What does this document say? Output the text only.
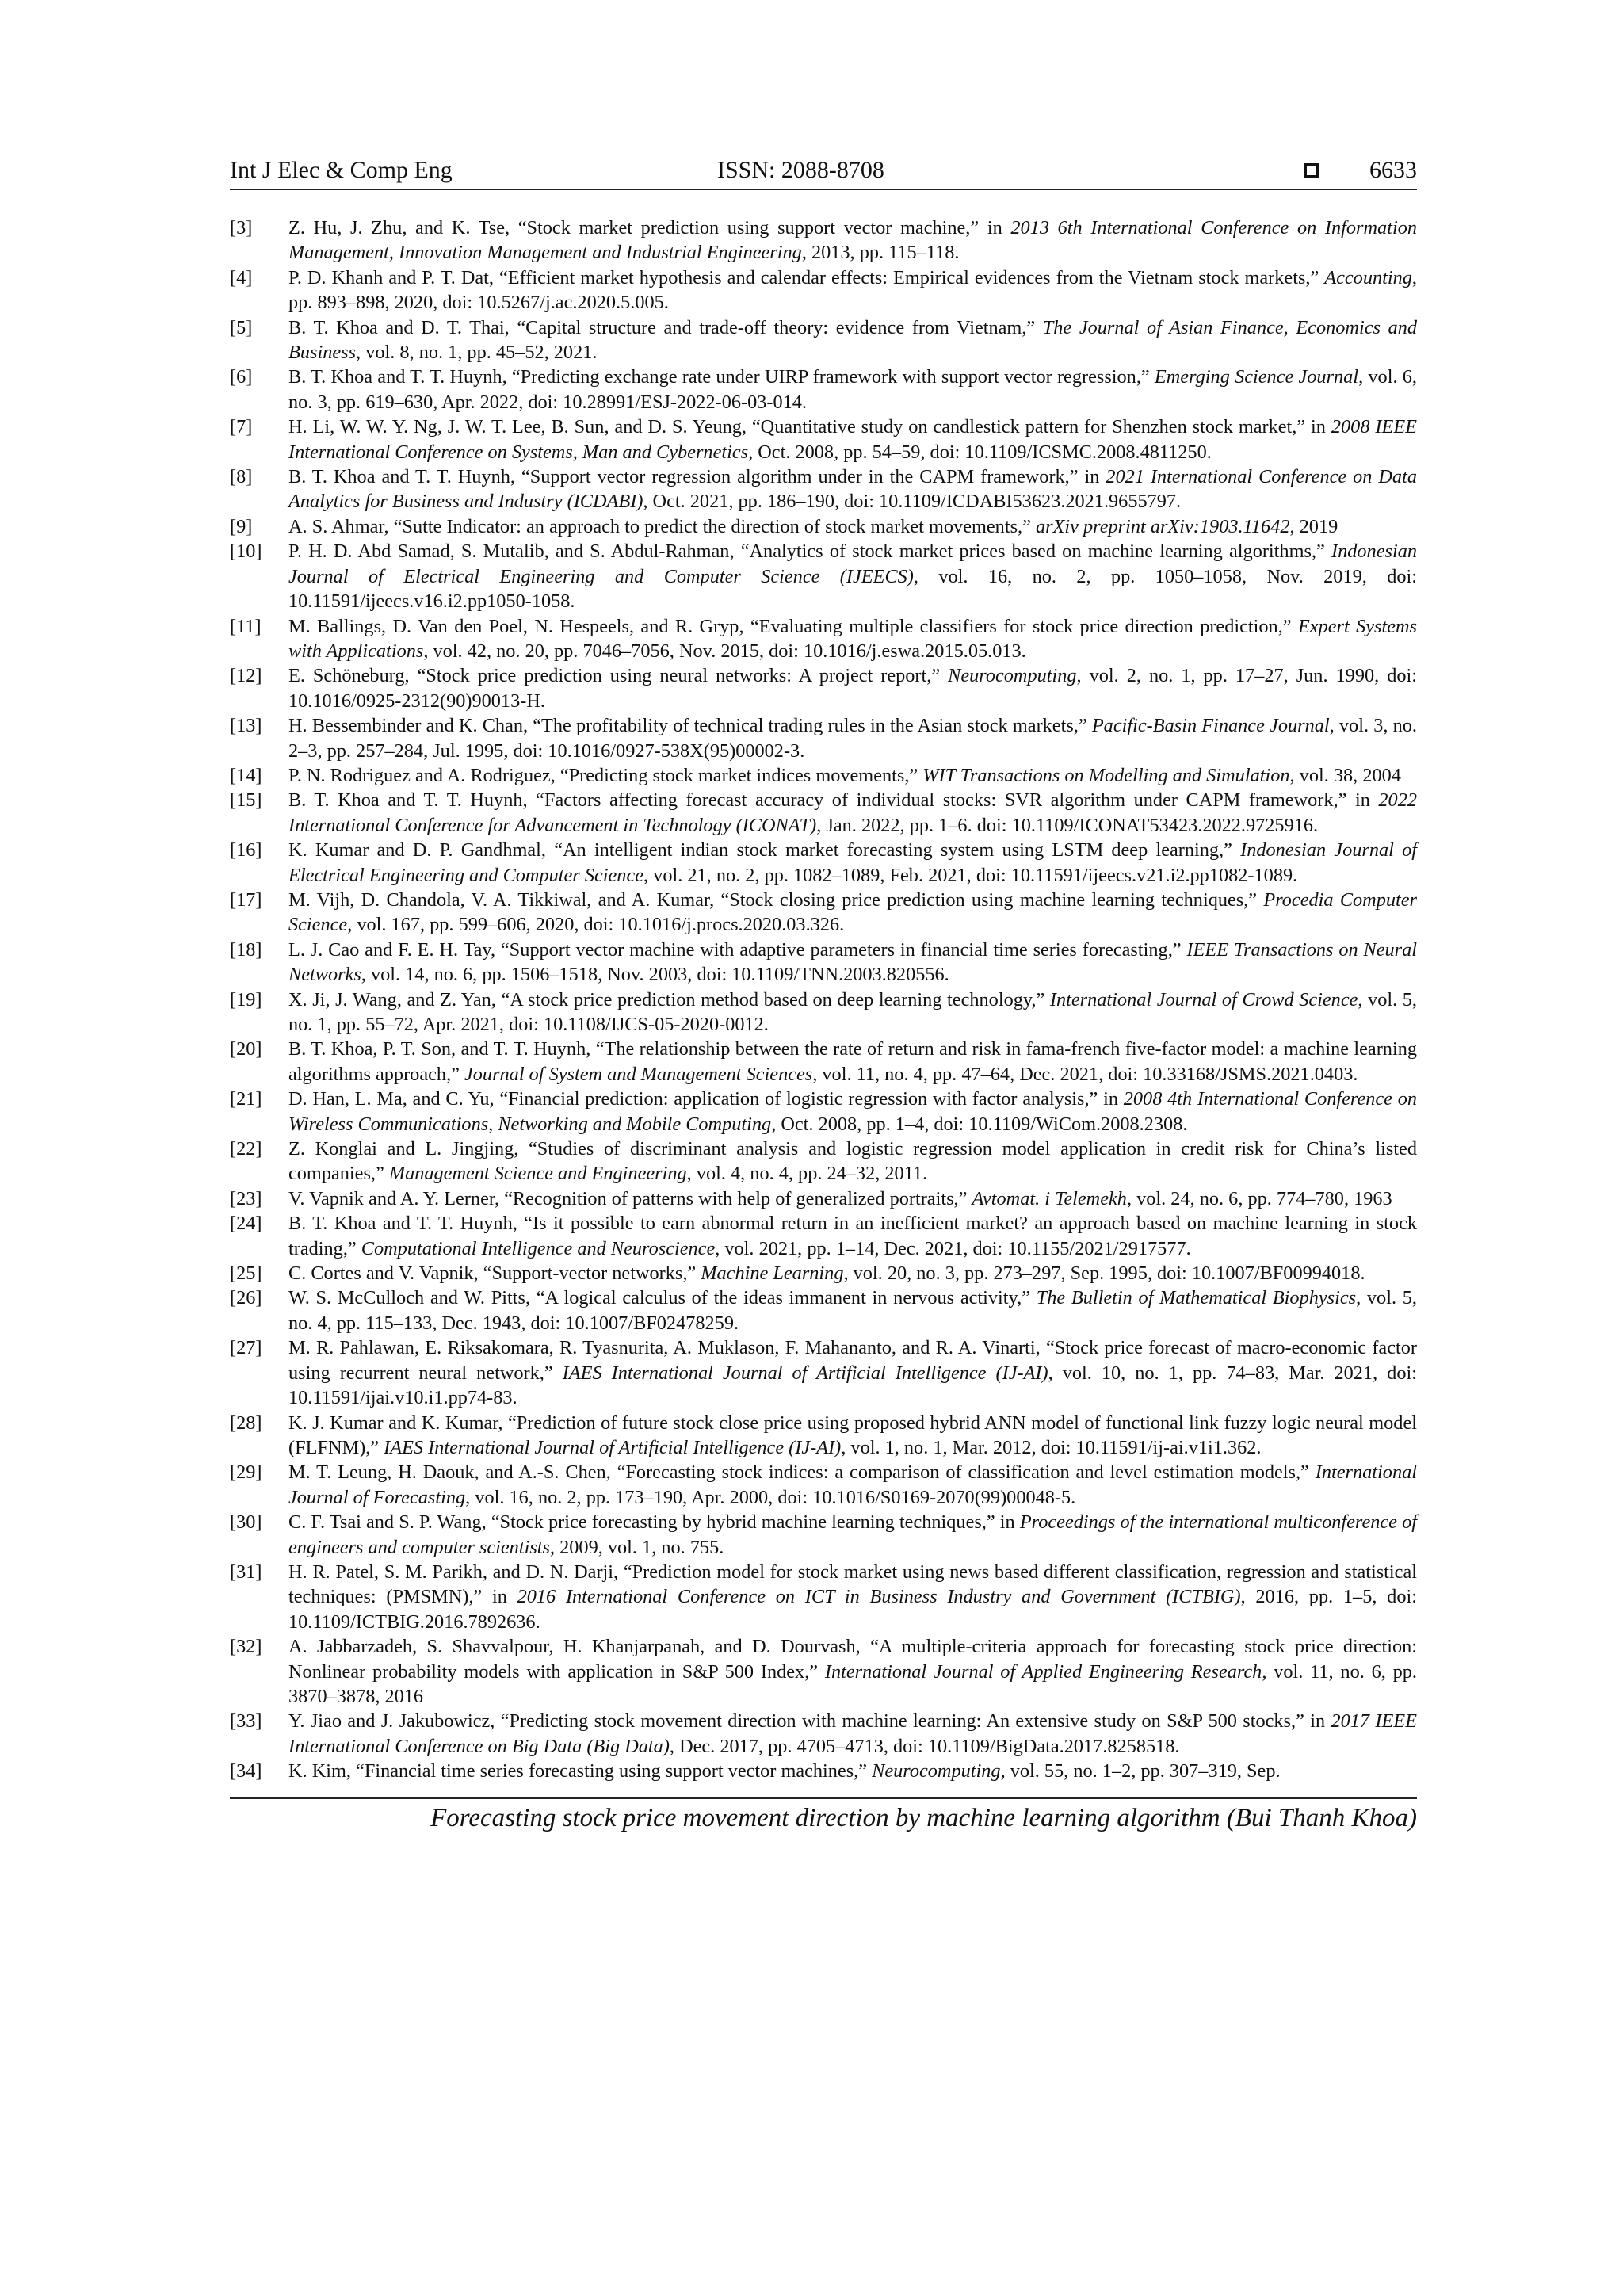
Int J Elec & Comp Eng	ISSN: 2088-8708	6633
[3]	Z. Hu, J. Zhu, and K. Tse, “Stock market prediction using support vector machine,” in 2013 6th International Conference on Information Management, Innovation Management and Industrial Engineering, 2013, pp. 115–118.
[4]	P. D. Khanh and P. T. Dat, “Efficient market hypothesis and calendar effects: Empirical evidences from the Vietnam stock markets,” Accounting, pp. 893–898, 2020, doi: 10.5267/j.ac.2020.5.005.
[5]	B. T. Khoa and D. T. Thai, “Capital structure and trade-off theory: evidence from Vietnam,” The Journal of Asian Finance, Economics and Business, vol. 8, no. 1, pp. 45–52, 2021.
[6]	B. T. Khoa and T. T. Huynh, “Predicting exchange rate under UIRP framework with support vector regression,” Emerging Science Journal, vol. 6, no. 3, pp. 619–630, Apr. 2022, doi: 10.28991/ESJ-2022-06-03-014.
[7]	H. Li, W. W. Y. Ng, J. W. T. Lee, B. Sun, and D. S. Yeung, “Quantitative study on candlestick pattern for Shenzhen stock market,” in 2008 IEEE International Conference on Systems, Man and Cybernetics, Oct. 2008, pp. 54–59, doi: 10.1109/ICSMC.2008.4811250.
[8]	B. T. Khoa and T. T. Huynh, “Support vector regression algorithm under in the CAPM framework,” in 2021 International Conference on Data Analytics for Business and Industry (ICDABI), Oct. 2021, pp. 186–190, doi: 10.1109/ICDABI53623.2021.9655797.
[9]	A. S. Ahmar, “Sutte Indicator: an approach to predict the direction of stock market movements,” arXiv preprint arXiv:1903.11642, 2019
[10]	P. H. D. Abd Samad, S. Mutalib, and S. Abdul-Rahman, “Analytics of stock market prices based on machine learning algorithms,” Indonesian Journal of Electrical Engineering and Computer Science (IJEECS), vol. 16, no. 2, pp. 1050–1058, Nov. 2019, doi: 10.11591/ijeecs.v16.i2.pp1050-1058.
[11]	M. Ballings, D. Van den Poel, N. Hespeels, and R. Gryp, “Evaluating multiple classifiers for stock price direction prediction,” Expert Systems with Applications, vol. 42, no. 20, pp. 7046–7056, Nov. 2015, doi: 10.1016/j.eswa.2015.05.013.
[12]	E. Schöneburg, “Stock price prediction using neural networks: A project report,” Neurocomputing, vol. 2, no. 1, pp. 17–27, Jun. 1990, doi: 10.1016/0925-2312(90)90013-H.
[13]	H. Bessembinder and K. Chan, “The profitability of technical trading rules in the Asian stock markets,” Pacific-Basin Finance Journal, vol. 3, no. 2–3, pp. 257–284, Jul. 1995, doi: 10.1016/0927-538X(95)00002-3.
[14]	P. N. Rodriguez and A. Rodriguez, “Predicting stock market indices movements,” WIT Transactions on Modelling and Simulation, vol. 38, 2004
[15]	B. T. Khoa and T. T. Huynh, “Factors affecting forecast accuracy of individual stocks: SVR algorithm under CAPM framework,” in 2022 International Conference for Advancement in Technology (ICONAT), Jan. 2022, pp. 1–6. doi: 10.1109/ICONAT53423.2022.9725916.
[16]	K. Kumar and D. P. Gandhmal, “An intelligent indian stock market forecasting system using LSTM deep learning,” Indonesian Journal of Electrical Engineering and Computer Science, vol. 21, no. 2, pp. 1082–1089, Feb. 2021, doi: 10.11591/ijeecs.v21.i2.pp1082-1089.
[17]	M. Vijh, D. Chandola, V. A. Tikkiwal, and A. Kumar, “Stock closing price prediction using machine learning techniques,” Procedia Computer Science, vol. 167, pp. 599–606, 2020, doi: 10.1016/j.procs.2020.03.326.
[18]	L. J. Cao and F. E. H. Tay, “Support vector machine with adaptive parameters in financial time series forecasting,” IEEE Transactions on Neural Networks, vol. 14, no. 6, pp. 1506–1518, Nov. 2003, doi: 10.1109/TNN.2003.820556.
[19]	X. Ji, J. Wang, and Z. Yan, “A stock price prediction method based on deep learning technology,” International Journal of Crowd Science, vol. 5, no. 1, pp. 55–72, Apr. 2021, doi: 10.1108/IJCS-05-2020-0012.
[20]	B. T. Khoa, P. T. Son, and T. T. Huynh, “The relationship between the rate of return and risk in fama-french five-factor model: a machine learning algorithms approach,” Journal of System and Management Sciences, vol. 11, no. 4, pp. 47–64, Dec. 2021, doi: 10.33168/JSMS.2021.0403.
[21]	D. Han, L. Ma, and C. Yu, “Financial prediction: application of logistic regression with factor analysis,” in 2008 4th International Conference on Wireless Communications, Networking and Mobile Computing, Oct. 2008, pp. 1–4, doi: 10.1109/WiCom.2008.2308.
[22]	Z. Konglai and L. Jingjing, “Studies of discriminant analysis and logistic regression model application in credit risk for China’s listed companies,” Management Science and Engineering, vol. 4, no. 4, pp. 24–32, 2011.
[23]	V. Vapnik and A. Y. Lerner, “Recognition of patterns with help of generalized portraits,” Avtomat. i Telemekh, vol. 24, no. 6, pp. 774–780, 1963
[24]	B. T. Khoa and T. T. Huynh, “Is it possible to earn abnormal return in an inefficient market? an approach based on machine learning in stock trading,” Computational Intelligence and Neuroscience, vol. 2021, pp. 1–14, Dec. 2021, doi: 10.1155/2021/2917577.
[25]	C. Cortes and V. Vapnik, “Support-vector networks,” Machine Learning, vol. 20, no. 3, pp. 273–297, Sep. 1995, doi: 10.1007/BF00994018.
[26]	W. S. McCulloch and W. Pitts, “A logical calculus of the ideas immanent in nervous activity,” The Bulletin of Mathematical Biophysics, vol. 5, no. 4, pp. 115–133, Dec. 1943, doi: 10.1007/BF02478259.
[27]	M. R. Pahlawan, E. Riksakomara, R. Tyasnurita, A. Muklason, F. Mahananto, and R. A. Vinarti, “Stock price forecast of macro-economic factor using recurrent neural network,” IAES International Journal of Artificial Intelligence (IJ-AI), vol. 10, no. 1, pp. 74–83, Mar. 2021, doi: 10.11591/ijai.v10.i1.pp74-83.
[28]	K. J. Kumar and K. Kumar, “Prediction of future stock close price using proposed hybrid ANN model of functional link fuzzy logic neural model (FLFNM),” IAES International Journal of Artificial Intelligence (IJ-AI), vol. 1, no. 1, Mar. 2012, doi: 10.11591/ij-ai.v1i1.362.
[29]	M. T. Leung, H. Daouk, and A.-S. Chen, “Forecasting stock indices: a comparison of classification and level estimation models,” International Journal of Forecasting, vol. 16, no. 2, pp. 173–190, Apr. 2000, doi: 10.1016/S0169-2070(99)00048-5.
[30]	C. F. Tsai and S. P. Wang, “Stock price forecasting by hybrid machine learning techniques,” in Proceedings of the international multiconference of engineers and computer scientists, 2009, vol. 1, no. 755.
[31]	H. R. Patel, S. M. Parikh, and D. N. Darji, “Prediction model for stock market using news based different classification, regression and statistical techniques: (PMSMN),” in 2016 International Conference on ICT in Business Industry and Government (ICTBIG), 2016, pp. 1–5, doi: 10.1109/ICTBIG.2016.7892636.
[32]	A. Jabbarzadeh, S. Shavvalpour, H. Khanjarpanah, and D. Dourvash, “A multiple-criteria approach for forecasting stock price direction: Nonlinear probability models with application in S&P 500 Index,” International Journal of Applied Engineering Research, vol. 11, no. 6, pp. 3870–3878, 2016
[33]	Y. Jiao and J. Jakubowicz, “Predicting stock movement direction with machine learning: An extensive study on S&P 500 stocks,” in 2017 IEEE International Conference on Big Data (Big Data), Dec. 2017, pp. 4705–4713, doi: 10.1109/BigData.2017.8258518.
[34]	K. Kim, “Financial time series forecasting using support vector machines,” Neurocomputing, vol. 55, no. 1–2, pp. 307–319, Sep.
Forecasting stock price movement direction by machine learning algorithm (Bui Thanh Khoa)
